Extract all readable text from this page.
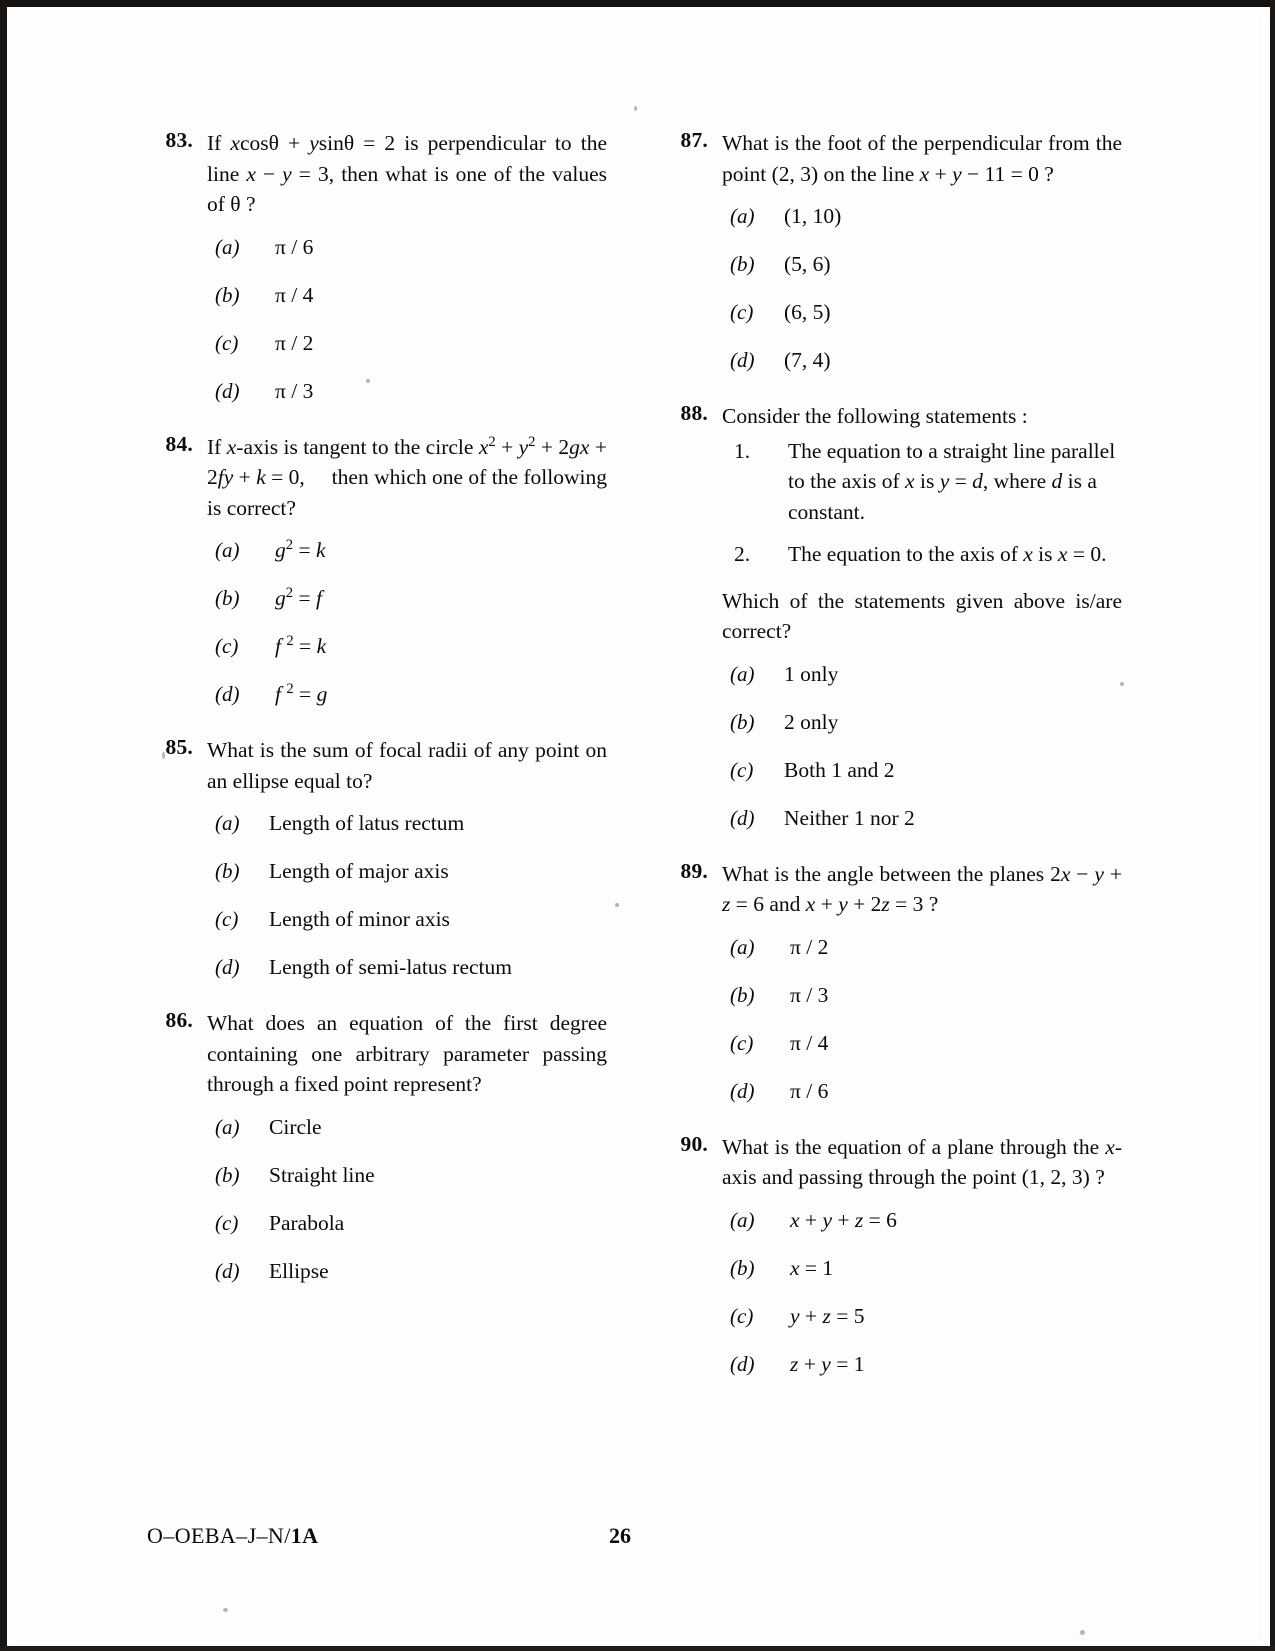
83. If xcosθ + ysinθ = 2 is perpendicular to the line x − y = 3, then what is one of the values of θ ?
(a) π / 6
(b) π / 4
(c) π / 2
(d) π / 3
84. If x-axis is tangent to the circle $x^2 + y^2 + 2gx + 2fy + k = 0$,     then which one of the following is correct?
(a) $g^2 = k$
(b) $g^2 = f$
(c) f $^2$ = k
(d) f $^2$ = g
85. What is the sum of focal radii of any point on an ellipse equal to?
(a) Length of latus rectum
(b) Length of major axis
(c) Length of minor axis
(d) Length of semi-latus rectum
86. What does an equation of the first degree containing one arbitrary parameter passing through a fixed point represent?
(a) Circle
(b) Straight line
(c) Parabola
(d) Ellipse
87. What is the foot of the perpendicular from the point (2, 3) on the line x + y − 11 = 0 ?
(a) (1, 10)
(b) (5, 6)
(c) (6, 5)
(d) (7, 4)
88. Consider the following statements :
1. The equation to a straight line parallel to the axis of x is y = d, where d is a constant.
2. The equation to the axis of x is x = 0.
Which of the statements given above is/are correct?
(a) 1 only
(b) 2 only
(c) Both 1 and 2
(d) Neither 1 nor 2
89. What is the angle between the planes 2x − y + z = 6 and x + y + 2z = 3 ?
(a) π / 2
(b) π / 3
(c) π / 4
(d) π / 6
90. What is the equation of a plane through the x-axis and passing through the point (1, 2, 3) ?
(a) x + y + z = 6
(b) x = 1
(c) y + z = 5
(d) z + y = 1
O–OEBA–J–N/1A	26
